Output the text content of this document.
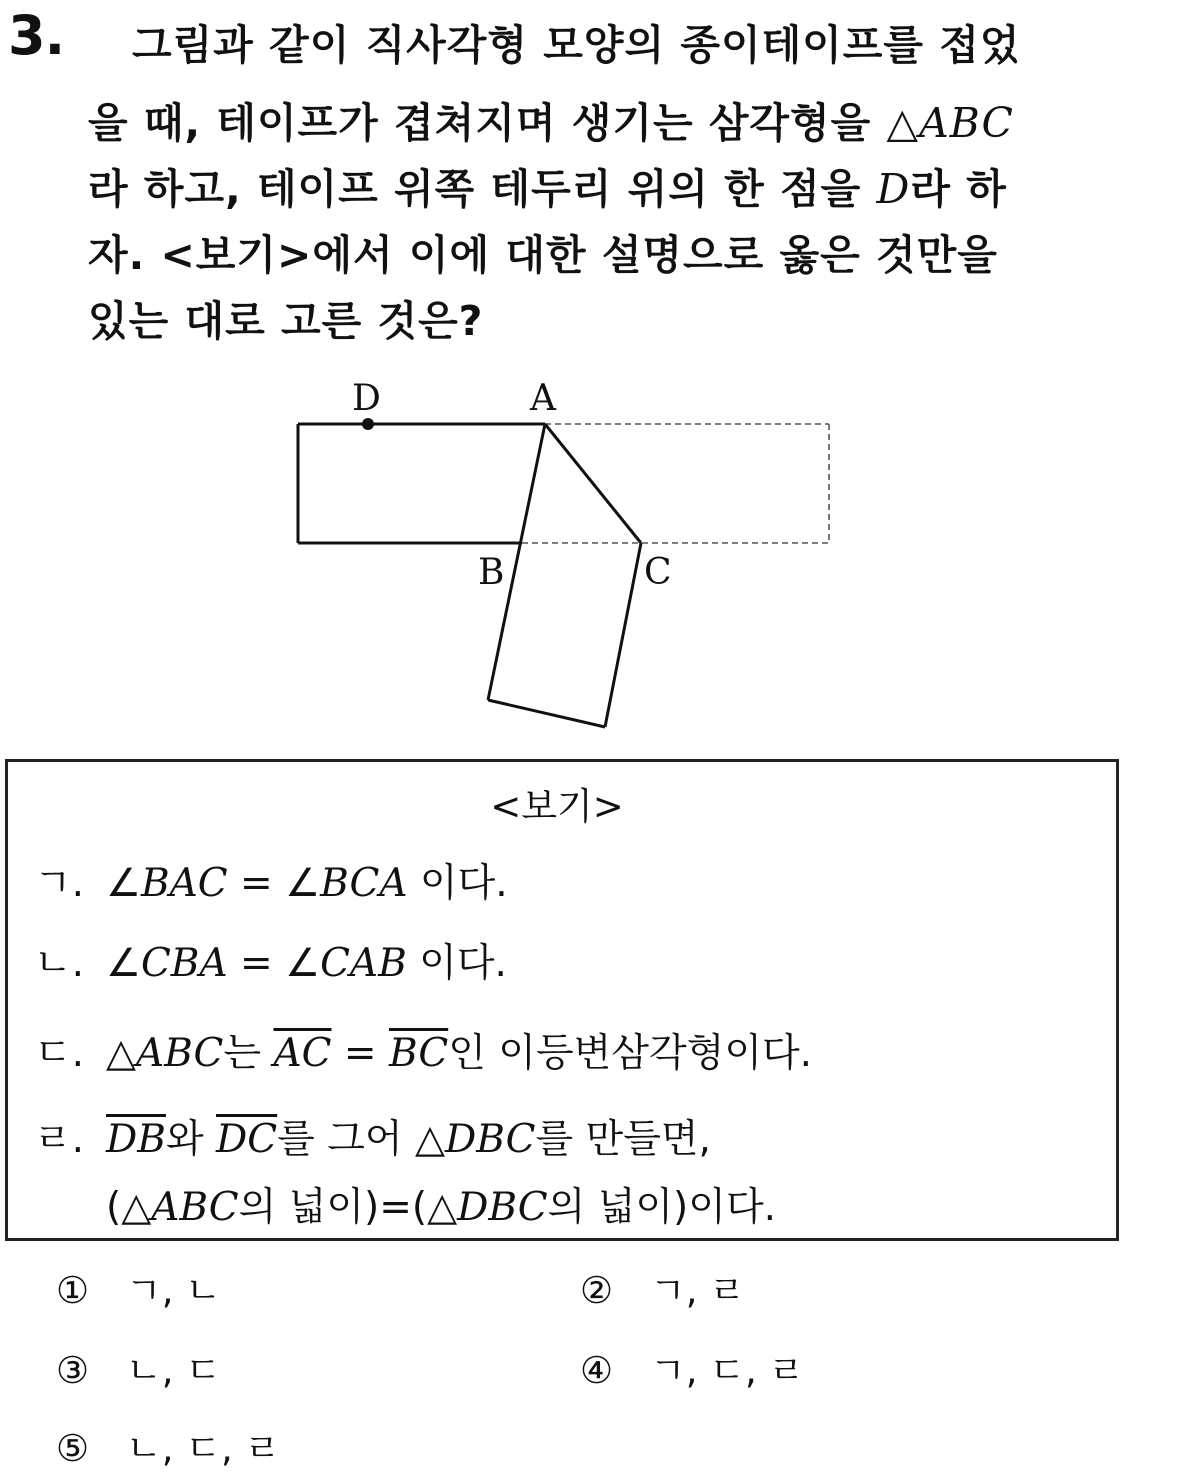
3. 그림과 같이 직사각형 모양의 종이테이프를 접었
을 때, 테이프가 겹쳐지며 생기는 삼각형을 △ABC
라 하고, 테이프 위쪽 테두리 위의 한 점을 D라 하
자. <보기>에서 이에 대한 설명으로 옳은 것만을
있는 대로 고른 것은?
D	A
B	C
<보기>
ㄱ. ∠BAC = ∠BCA 이다.
ㄴ. ∠CBA = ∠CAB 이다.
ㄷ. △ABC는 $\overline{AC} = \overline{BC}$인 이등변삼각형이다.
ㄹ. $\overline{DB}$와 $\overline{DC}$를 그어 △DBC를 만들면,
(△ABC의 넓이)=(△DBC의 넓이)이다.
① ㄱ, ㄴ	② ㄱ, ㄹ
③ ㄴ, ㄷ	④ ㄱ, ㄷ, ㄹ
⑤ ㄴ, ㄷ, ㄹ
